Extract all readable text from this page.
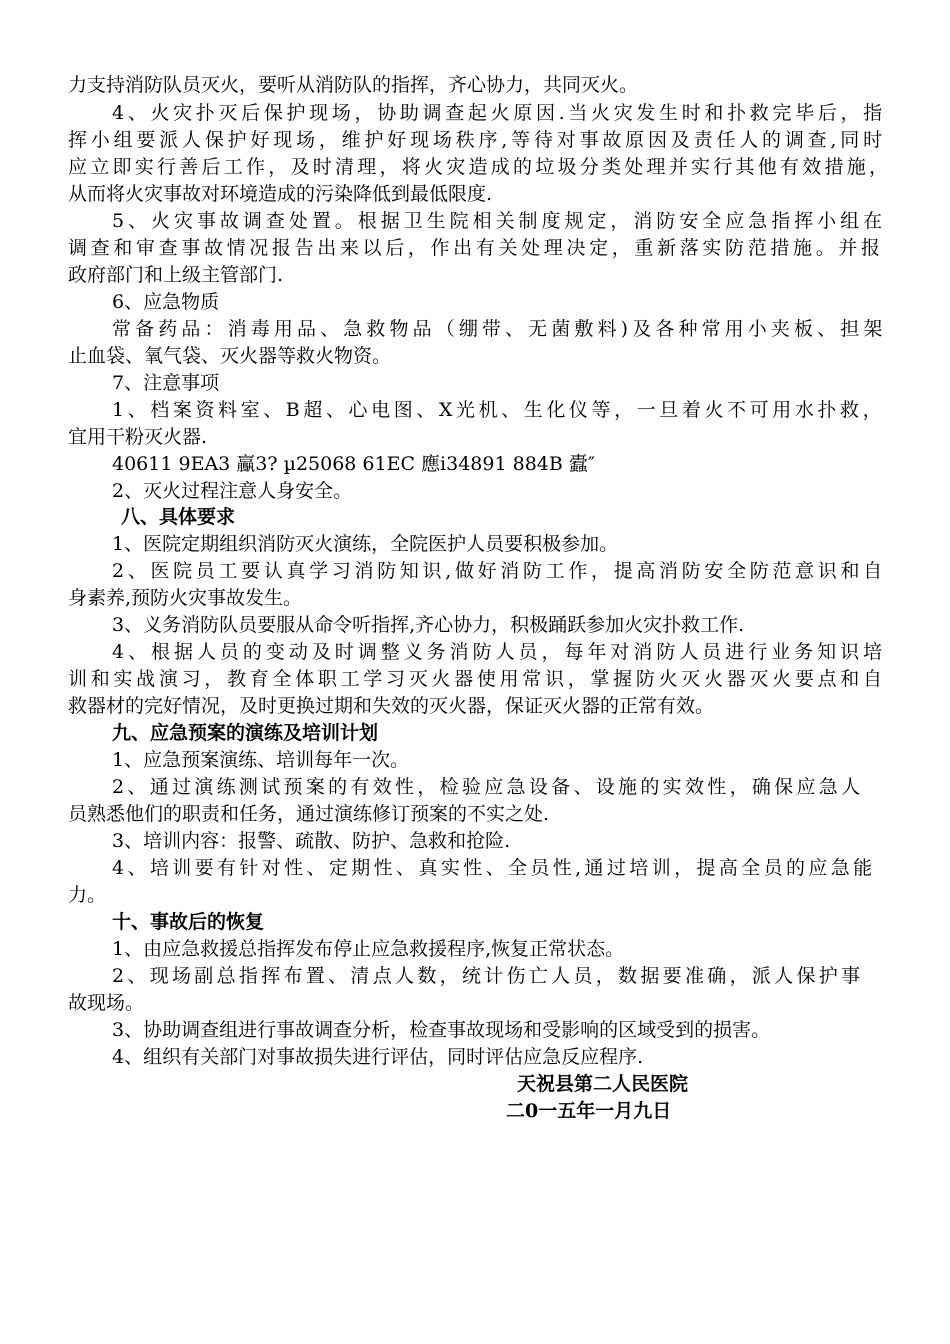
力支持消防队员灭火，要听从消防队的指挥，齐心协力，共同灭火。
4、火灾扑灭后保护现场，协助调查起火原因.当火灾发生时和扑救完毕后，指
挥小组要派人保护好现场，维护好现场秩序,等待对事故原因及责任人的调查,同时
应立即实行善后工作，及时清理，将火灾造成的垃圾分类处理并实行其他有效措施，
从而将火灾事故对环境造成的污染降低到最低限度.
5、火灾事故调查处置。根据卫生院相关制度规定，消防安全应急指挥小组在
调查和审查事故情况报告出来以后，作出有关处理决定，重新落实防范措施。并报
政府部门和上级主管部门.
6、应急物质
常备药品：消毒用品、急救物品（绷带、无菌敷料)及各种常用小夹板、担架
止血袋、氧气袋、灭火器等救火物资。
7、注意事项
1、档案资料室、B超、心电图、X光机、生化仪等，一旦着火不可用水扑救，
宜用干粉灭火器.
40611 9EA3 鸁3? µ25068 61EC 應i34891 884B 蠹″
2、灭火过程注意人身安全。
八、具体要求
1、医院定期组织消防灭火演练，全院医护人员要积极参加。
2、医院员工要认真学习消防知识,做好消防工作，提高消防安全防范意识和自
身素养,预防火灾事故发生。
3、义务消防队员要服从命令听指挥,齐心协力，积极踊跃参加火灾扑救工作.
4、根据人员的变动及时调整义务消防人员，每年对消防人员进行业务知识培
训和实战演习，教育全体职工学习灭火器使用常识，掌握防火灭火器灭火要点和自
救器材的完好情况，及时更换过期和失效的灭火器，保证灭火器的正常有效。
九、应急预案的演练及培训计划
1、应急预案演练、培训每年一次。
2、通过演练测试预案的有效性，检验应急设备、设施的实效性，确保应急人
员熟悉他们的职责和任务，通过演练修订预案的不实之处.
3、培训内容：报警、疏散、防护、急救和抢险.
4、培训要有针对性、定期性、真实性、全员性,通过培训，提高全员的应急能
力。
十、事故后的恢复
1、由应急救援总指挥发布停止应急救援程序,恢复正常状态。
2、现场副总指挥布置、清点人数，统计伤亡人员，数据要准确，派人保护事
故现场。
3、协助调查组进行事故调查分析，检查事故现场和受影响的区域受到的损害。
4、组织有关部门对事故损失进行评估，同时评估应急反应程序.
天祝县第二人民医院
二0一五年一月九日
